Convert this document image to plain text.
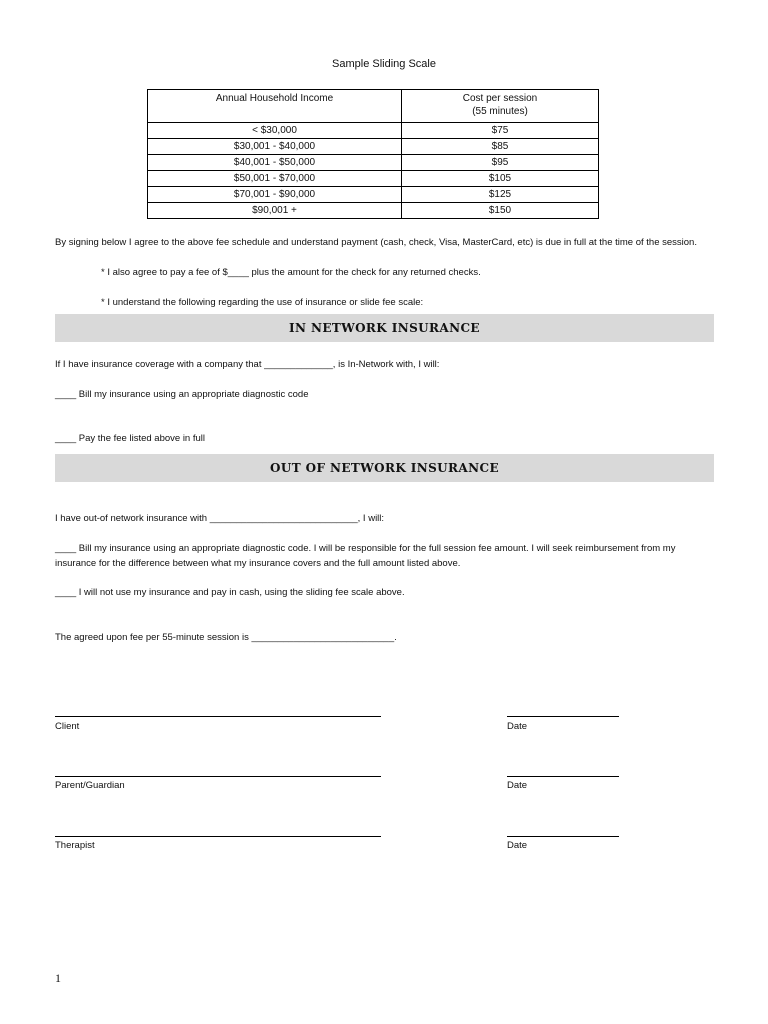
Sample Sliding Scale
Annual Household Income	Cost per session
(55 minutes)

< $30,000	$75
$30,001 - $40,000	$85
$40,001 - $50,000	$95
$50,001 - $70,000	$105
$70,001 - $90,000	$125
$90,001 +	$150
By signing below I agree to the above fee schedule and understand payment (cash, check, Visa, MasterCard, etc) is due in full at the time of the session.
* I also agree to pay a fee of $____ plus the amount for the check for any returned checks.
* I understand the following regarding the use of insurance or slide fee scale:
IN NETWORK INSURANCE
If I have insurance coverage with a company that _____________, is In-Network with, I will:
____ Bill my insurance using an appropriate diagnostic code
____ Pay the fee listed above in full
OUT OF NETWORK INSURANCE
I have out-of network insurance with ____________________________, I will:
____ Bill my insurance using an appropriate diagnostic code. I will be responsible for the full session fee amount. I will seek reimbursement from my
insurance for the difference between what my insurance covers and the full amount listed above.
____ I will not use my insurance and pay in cash, using the sliding fee scale above.
The agreed upon fee per 55-minute session is ___________________________.
Client	Date
Parent/Guardian	Date
Therapist	Date
1
